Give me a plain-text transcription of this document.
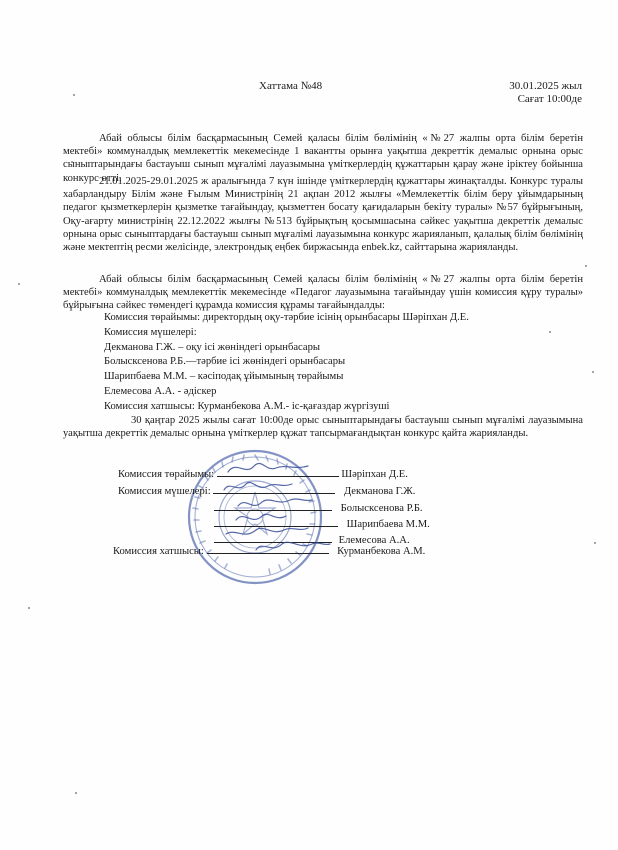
Хаттама №48	30.01.2025 жыл
Сағат 10:00де

Абай облысы білім басқармасының Семей қаласы білім бөлімінің «№27 жалпы орта білім беретін мектебі» коммуналдық мемлекеттік мекемесінде 1 вакантты орынға уақытша декреттік демалыс орнына орыс сыныптарындағы бастауыш сынып мұғалімі лауазымына үміткерлердің құжаттарын қарау және іріктеу бойынша конкурс өтті.

21.01.2025-29.01.2025 ж аралығында 7 күн ішінде үміткерлердің құжаттары жинақталды. Конкурс туралы хабарландыру Білім және Ғылым Министрінің 21 ақпан 2012 жылғы «Мемлекеттік білім беру ұйымдарының педагог қызметкерлерін қызметке тағайындау, қызметтен босату қағидаларын бекіту туралы» №57 бұйрығының, Оқу-ағарту министрінің 22.12.2022 жылғы №513 бұйрықтың қосымшасына сәйкес уақытша декреттік демалыс орнына орыс сыныптардағы бастауыш сынып мұғалімі лауазымына конкурс жарияланып, қалалық білім бөлімінің және мектептің ресми желісінде, электрондық еңбек биржасында enbek.kz, сайттарына жарияланды.

Абай облысы білім басқармасының Семей қаласы білім бөлімінің «№27 жалпы орта білім беретін мектебі» коммуналдық мемлекеттік мекемесінде «Педагог лауазымына тағайындау үшін комиссия құру туралы» бұйрығына сәйкес төмендегі құрамда комиссия құрамы тағайындалды:

Комиссия төрайымы: директордың оқу-тәрбие ісінің орынбасары Шәріпхан Д.Е.
Комиссия мүшелері:
Декманова Г.Ж. – оқу ісі жөніндегі орынбасары
Болысксенова Р.Б.—тәрбие ісі жөніндегі орынбасары
Шарипбаева М.М. – кәсіподақ ұйымының төрайымы
Елемесова А.А. - әдіскер
Комиссия хатшысы: Курманбекова А.М.- іс-қағаздар жүргізуші

30 қаңтар 2025 жылы сағат 10:00де орыс сыныптарындағы бастауыш сынып мұғалімі лауазымына уақытша декреттік демалыс орнына үміткерлер құжат тапсырмағандықтан конкурс қайта жарияланды.

Комиссия төрайымы:	Шәріпхан Д.Е.
Комиссия мүшелері:	Декманова Г.Ж.
Болысксенова Р.Б.
Шарипбаева М.М.
Елемесова А.А.
Комиссия хатшысы:	Курманбекова А.М.
